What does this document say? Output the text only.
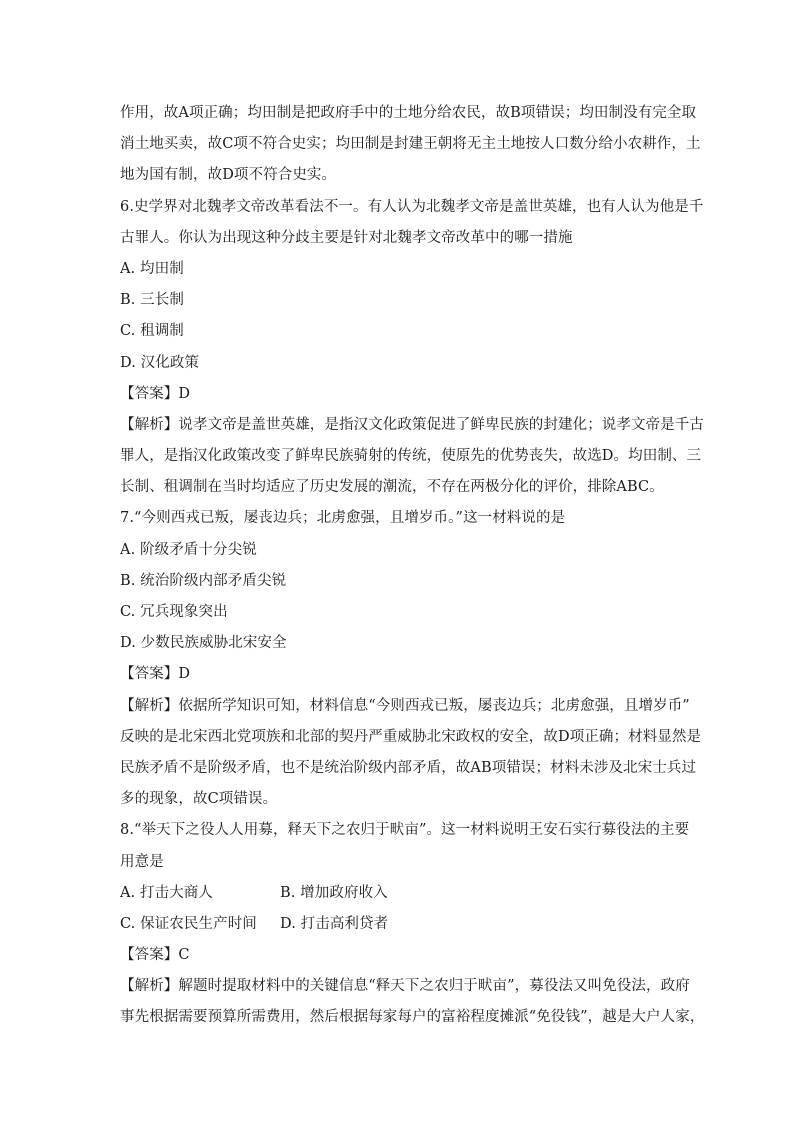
作用，故A项正确；均田制是把政府手中的土地分给农民，故B项错误；均田制没有完全取
消土地买卖，故C项不符合史实；均田制是封建王朝将无主土地按人口数分给小农耕作，土
地为国有制，故D项不符合史实。
6.史学界对北魏孝文帝改革看法不一。有人认为北魏孝文帝是盖世英雄，也有人认为他是千
古罪人。你认为出现这种分歧主要是针对北魏孝文帝改革中的哪一措施
A. 均田制
B. 三长制
C. 租调制
D. 汉化政策
【答案】D
【解析】说孝文帝是盖世英雄，是指汉文化政策促进了鲜卑民族的封建化；说孝文帝是千古
罪人，是指汉化政策改变了鲜卑民族骑射的传统，使原先的优势丧失，故选D。均田制、三
长制、租调制在当时均适应了历史发展的潮流，不存在两极分化的评价，排除ABC。
7.“今则西戎已叛，屡丧边兵；北虏愈强，且增岁币。”这一材料说的是
A. 阶级矛盾十分尖锐
B. 统治阶级内部矛盾尖锐
C. 冗兵现象突出
D. 少数民族威胁北宋安全
【答案】D
【解析】依据所学知识可知，材料信息“今则西戎已叛，屡丧边兵；北虏愈强，且增岁币”
反映的是北宋西北党项族和北部的契丹严重威胁北宋政权的安全，故D项正确；材料显然是
民族矛盾不是阶级矛盾，也不是统治阶级内部矛盾，故AB项错误；材料未涉及北宋士兵过
多的现象，故C项错误。
8.“举天下之役人人用募，释天下之农归于畎亩”。这一材料说明王安石实行募役法的主要
用意是
A. 打击大商人	B. 增加政府收入
C. 保证农民生产时间	D. 打击高利贷者
【答案】C
【解析】解题时提取材料中的关键信息“释天下之农归于畎亩”，募役法又叫免役法，政府
事先根据需要预算所需费用，然后根据每家每户的富裕程度摊派“免役钱”，越是大户人家，
